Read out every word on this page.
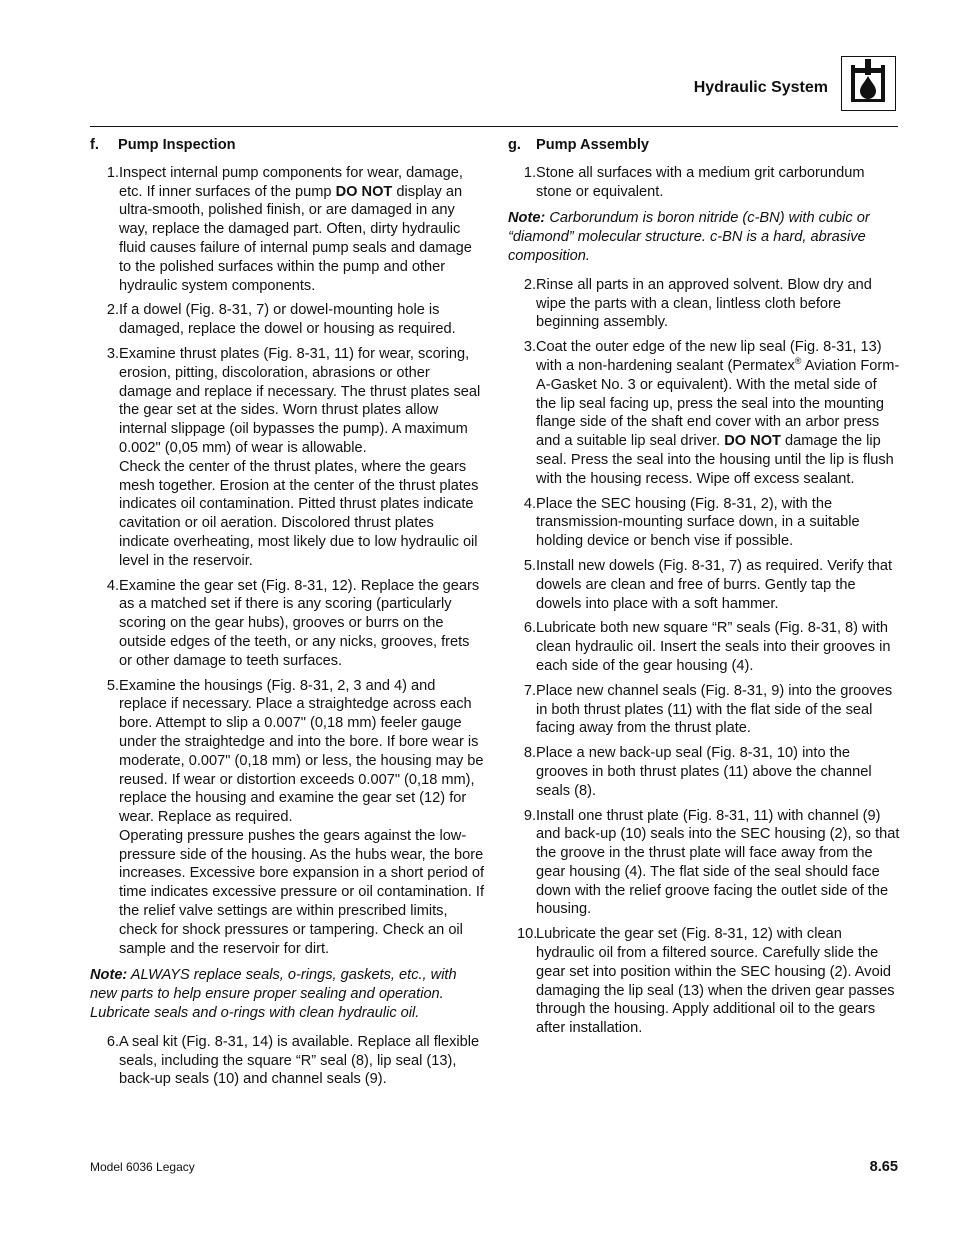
Hydraulic System
f. Pump Inspection
1. Inspect internal pump components for wear, damage, etc. If inner surfaces of the pump DO NOT display an ultra-smooth, polished finish, or are damaged in any way, replace the damaged part. Often, dirty hydraulic fluid causes failure of internal pump seals and damage to the polished surfaces within the pump and other hydraulic system components.
2. If a dowel (Fig. 8-31, 7) or dowel-mounting hole is damaged, replace the dowel or housing as required.
3. Examine thrust plates (Fig. 8-31, 11) for wear, scoring, erosion, pitting, discoloration, abrasions or other damage and replace if necessary. The thrust plates seal the gear set at the sides. Worn thrust plates allow internal slippage (oil bypasses the pump). A maximum 0.002" (0,05 mm) of wear is allowable.
Check the center of the thrust plates, where the gears mesh together. Erosion at the center of the thrust plates indicates oil contamination. Pitted thrust plates indicate cavitation or oil aeration. Discolored thrust plates indicate overheating, most likely due to low hydraulic oil level in the reservoir.
4. Examine the gear set (Fig. 8-31, 12). Replace the gears as a matched set if there is any scoring (particularly scoring on the gear hubs), grooves or burrs on the outside edges of the teeth, or any nicks, grooves, frets or other damage to teeth surfaces.
5. Examine the housings (Fig. 8-31, 2, 3 and 4) and replace if necessary. Place a straightedge across each bore. Attempt to slip a 0.007" (0,18 mm) feeler gauge under the straightedge and into the bore. If bore wear is moderate, 0.007" (0,18 mm) or less, the housing may be reused. If wear or distortion exceeds 0.007" (0,18 mm), replace the housing and examine the gear set (12) for wear. Replace as required.
Operating pressure pushes the gears against the low-pressure side of the housing. As the hubs wear, the bore increases. Excessive bore expansion in a short period of time indicates excessive pressure or oil contamination. If the relief valve settings are within prescribed limits, check for shock pressures or tampering. Check an oil sample and the reservoir for dirt.

Note: ALWAYS replace seals, o-rings, gaskets, etc., with new parts to help ensure proper sealing and operation. Lubricate seals and o-rings with clean hydraulic oil.

6. A seal kit (Fig. 8-31, 14) is available. Replace all flexible seals, including the square “R” seal (8), lip seal (13), back-up seals (10) and channel seals (9).
g. Pump Assembly
1. Stone all surfaces with a medium grit carborundum stone or equivalent.

Note: Carborundum is boron nitride (c-BN) with cubic or “diamond” molecular structure. c-BN is a hard, abrasive composition.

2. Rinse all parts in an approved solvent. Blow dry and wipe the parts with a clean, lintless cloth before beginning assembly.
3. Coat the outer edge of the new lip seal (Fig. 8-31, 13) with a non-hardening sealant (Permatex® Aviation Form-A-Gasket No. 3 or equivalent). With the metal side of the lip seal facing up, press the seal into the mounting flange side of the shaft end cover with an arbor press and a suitable lip seal driver. DO NOT damage the lip seal. Press the seal into the housing until the lip is flush with the housing recess. Wipe off excess sealant.
4. Place the SEC housing (Fig. 8-31, 2), with the transmission-mounting surface down, in a suitable holding device or bench vise if possible.
5. Install new dowels (Fig. 8-31, 7) as required. Verify that dowels are clean and free of burrs. Gently tap the dowels into place with a soft hammer.
6. Lubricate both new square “R” seals (Fig. 8-31, 8) with clean hydraulic oil. Insert the seals into their grooves in each side of the gear housing (4).
7. Place new channel seals (Fig. 8-31, 9) into the grooves in both thrust plates (11) with the flat side of the seal facing away from the thrust plate.
8. Place a new back-up seal (Fig. 8-31, 10) into the grooves in both thrust plates (11) above the channel seals (8).
9. Install one thrust plate (Fig. 8-31, 11) with channel (9) and back-up (10) seals into the SEC housing (2), so that the groove in the thrust plate will face away from the gear housing (4). The flat side of the seal should face down with the relief groove facing the outlet side of the housing.
10.
Lubricate the gear set (Fig. 8-31, 12) with clean hydraulic oil from a filtered source. Carefully slide the gear set into position within the SEC housing (2). Avoid damaging the lip seal (13) when the driven gear passes through the housing. Apply additional oil to the gears after installation.
Model 6036 Legacy	8.65
